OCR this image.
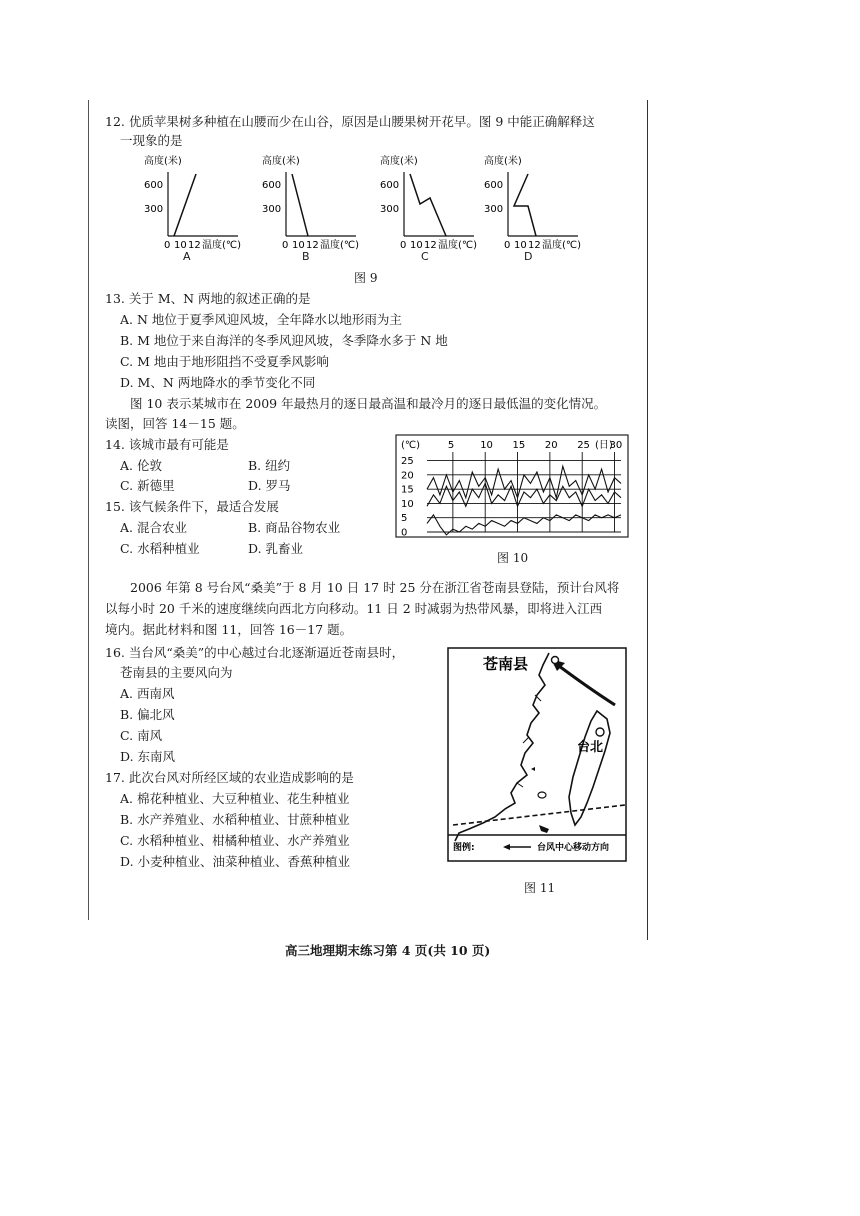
12. 优质苹果树多种植在山腰而少在山谷，原因是山腰果树开花早。图 9 中能正确解释这
一现象的是
高度(米)
600
300
0 10 12 温度(℃)
高度(米)
600
300
0 10 12 温度(℃)
高度(米)
600
300
0 10 12 温度(℃)
高度(米)
600
300
0 10 12 温度(℃)
A	B	C	D
图 9
13. 关于 M、N 两地的叙述正确的是
A. N 地位于夏季风迎风坡，全年降水以地形雨为主
B. M 地位于来自海洋的冬季风迎风坡，冬季降水多于 N 地
C. M 地由于地形阻挡不受夏季风影响
D. M、N 两地降水的季节变化不同
图 10 表示某城市在 2009 年最热月的逐日最高温和最冷月的逐日最低温的变化情况。
读图，回答 14－15 题。
14. 该城市最有可能是
A. 伦敦	B. 纽约
C. 新德里	D. 罗马
15. 该气候条件下，最适合发展
A. 混合农业	B. 商品谷物农业
C. 水稻种植业	D. 乳畜业
(℃)	(日)
25
20
15
10
5
0
5	10 15 20 25 30
图 10
2006 年第 8 号台风“桑美”于 8 月 10 日 17 时 25 分在浙江省苍南县登陆，预计台风将
以每小时 20 千米的速度继续向西北方向移动。11 日 2 时减弱为热带风暴，即将进入江西
境内。据此材料和图 11，回答 16－17 题。
16. 当台风“桑美”的中心越过台北逐渐逼近苍南县时，
苍南县的主要风向为
A. 西南风
B. 偏北风
C. 南风
D. 东南风
17. 此次台风对所经区域的农业造成影响的是
A. 棉花种植业、大豆种植业、花生种植业
B. 水产养殖业、水稻种植业、甘蔗种植业
C. 水稻种植业、柑橘种植业、水产养殖业
D. 小麦种植业、油菜种植业、香蕉种植业
苍南县
台北
图例:	台风中心移动方向
图 11
高三地理期末练习第 4 页(共 10 页)
